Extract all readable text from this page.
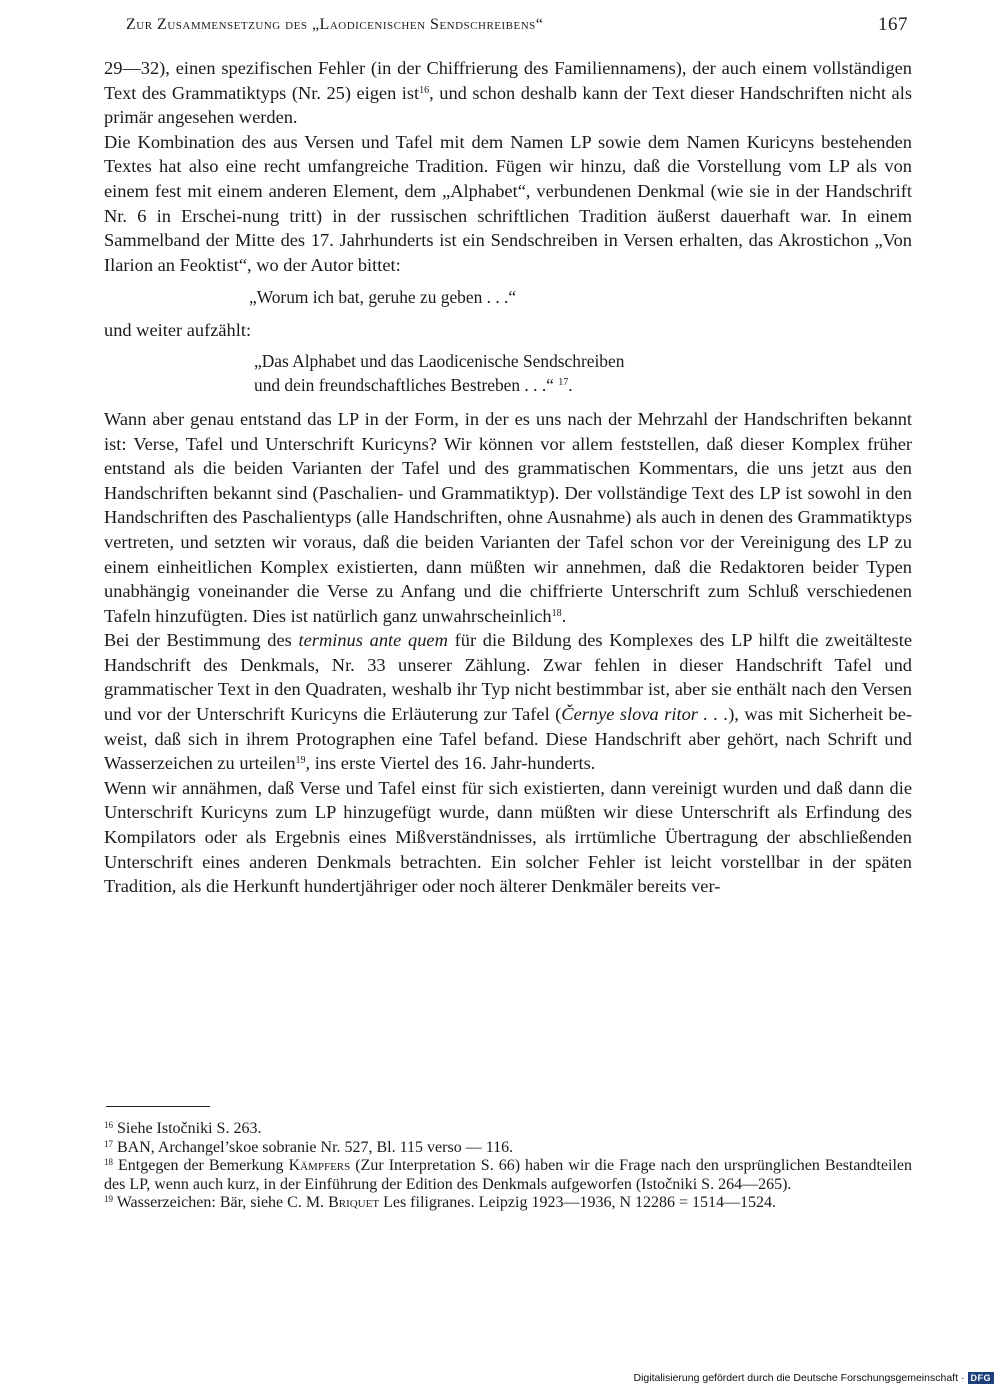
Zur Zusammensetzung des „Laodicenischen Sendschreibens“	167

29—32), einen spezifischen Fehler (in der Chiffrierung des Familiennamens), der auch einem vollständigen Text des Grammatiktyps (Nr. 25) eigen ist$^{16}$, und schon deshalb kann der Text dieser Handschriften nicht als primär angesehen werden.

Die Kombination des aus Versen und Tafel mit dem Namen LP sowie dem Namen Kuricyns bestehenden Textes hat also eine recht umfangreiche Tradition. Fügen wir hinzu, daß die Vorstellung vom LP als von einem fest mit einem anderen Element, dem „Alphabet“, verbundenen Denkmal (wie sie in der Handschrift Nr. 6 in Erschei-nung tritt) in der russischen schriftlichen Tradition äußerst dauerhaft war. In einem Sammelband der Mitte des 17. Jahrhunderts ist ein Sendschreiben in Versen erhalten, das Akrostichon „Von Ilarion an Feoktist“, wo der Autor bittet:

„Worum ich bat, geruhe zu geben . . .“

und weiter aufzählt:

„Das Alphabet und das Laodicenische Sendschreiben
und dein freundschaftliches Bestreben . . .“ $^{17}$.

Wann aber genau entstand das LP in der Form, in der es uns nach der Mehrzahl der Handschriften bekannt ist: Verse, Tafel und Unterschrift Kuricyns? Wir können vor allem feststellen, daß dieser Komplex früher entstand als die beiden Varianten der Tafel und des grammatischen Kommentars, die uns jetzt aus den Handschriften bekannt sind (Paschalien- und Grammatiktyp). Der vollständige Text des LP ist sowohl in den Handschriften des Paschalientyps (alle Handschriften, ohne Ausnahme) als auch in denen des Grammatiktyps vertreten, und setzten wir voraus, daß die beiden Varianten der Tafel schon vor der Vereinigung des LP zu einem einheitlichen Komplex existierten, dann müßten wir annehmen, daß die Redaktoren beider Typen unabhängig voneinander die Verse zu Anfang und die chiffrierte Unterschrift zum Schluß verschiedenen Tafeln hinzufügten. Dies ist natürlich ganz unwahrscheinlich$^{18}$.

Bei der Bestimmung des terminus ante quem für die Bildung des Komplexes des LP hilft die zweitälteste Handschrift des Denkmals, Nr. 33 unserer Zählung. Zwar fehlen in dieser Handschrift Tafel und grammatischer Text in den Quadraten, weshalb ihr Typ nicht bestimmbar ist, aber sie enthält nach den Versen und vor der Unterschrift Kuricyns die Erläuterung zur Tafel (Černye slova ritor . . .), was mit Sicherheit be-weist, daß sich in ihrem Protographen eine Tafel befand. Diese Handschrift aber gehört, nach Schrift und Wasserzeichen zu urteilen$^{19}$, ins erste Viertel des 16. Jahr-hunderts.

Wenn wir annähmen, daß Verse und Tafel einst für sich existierten, dann vereinigt wurden und daß dann die Unterschrift Kuricyns zum LP hinzugefügt wurde, dann müßten wir diese Unterschrift als Erfindung des Kompilators oder als Ergebnis eines Mißverständnisses, als irrtümliche Übertragung der abschließenden Unterschrift eines anderen Denkmals betrachten. Ein solcher Fehler ist leicht vorstellbar in der späten Tradition, als die Herkunft hundertjähriger oder noch älterer Denkmäler bereits ver-

$^{16}$ Siehe Istočniki S. 263.

$^{17}$ BAN, Archangel’skoe sobranie Nr. 527, Bl. 115 verso — 116.

$^{18}$ Entgegen der Bemerkung Kämpfers (Zur Interpretation S. 66) haben wir die Frage nach den ursprünglichen Bestandteilen des LP, wenn auch kurz, in der Einführung der Edition des Denkmals aufgeworfen (Istočniki S. 264—265).

$^{19}$ Wasserzeichen: Bär, siehe C. M. Briquet Les filigranes. Leipzig 1923—1936, N 12286 = 1514—1524.

Digitalisierung gefördert durch die Deutsche Forschungsgemeinschaft · DFG
